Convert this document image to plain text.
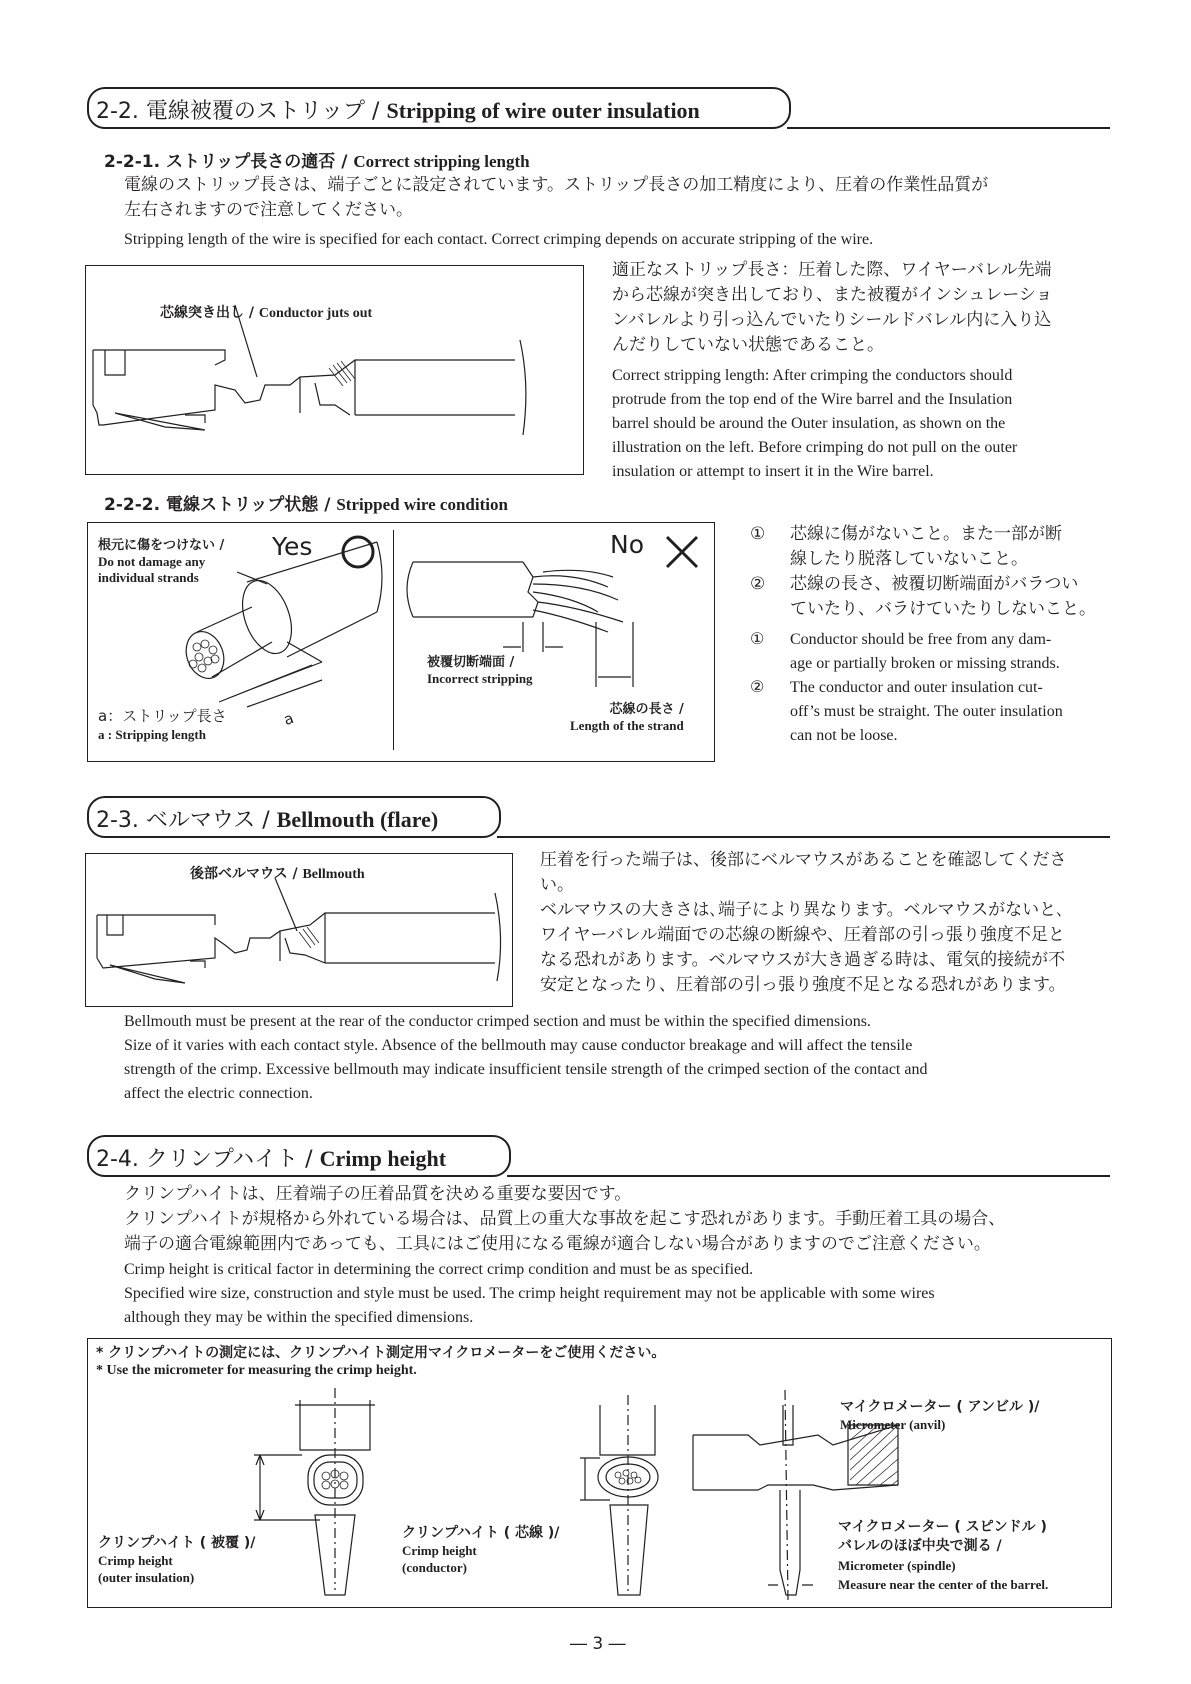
2-2. 電線被覆のストリップ / Stripping of wire outer insulation
2-2-1. ストリップ長さの適否 / Correct stripping length
電線のストリップ長さは、端子ごとに設定されています。ストリップ長さの加工精度により、圧着の作業性品質が
左右されますので注意してください。
Stripping length of the wire is specified for each contact. Correct crimping depends on accurate stripping of the wire.
芯線突き出し / Conductor juts out
適正なストリップ長さ：圧着した際、ワイヤーバレル先端
から芯線が突き出しており、また被覆がインシュレーショ
ンバレルより引っ込んでいたりシールドバレル内に入り込
んだりしていない状態であること。
Correct stripping length: After crimping the conductors should
protrude from the top end of the Wire barrel and the Insulation
barrel should be around the Outer insulation, as shown on the
illustration on the left. Before crimping do not pull on the outer
insulation or attempt to insert it in the Wire barrel.
2-2-2. 電線ストリップ状態 / Stripped wire condition
Yes	No
根元に傷をつけない /
Do not damage any
individual strands
a：ストリップ長さ
a : Stripping length
a
被覆切断端面 /
Incorrect stripping
芯線の長さ /
Length of the strand
① 芯線に傷がないこと。また一部が断
線したり脱落していないこと。
② 芯線の長さ、被覆切断端面がバラつい
ていたり、バラけていたりしないこと。
① Conductor should be free from any dam-
age or partially broken or missing strands.
② The conductor and outer insulation cut-
off’s must be straight. The outer insulation
can not be loose.
2-3. ベルマウス / Bellmouth (flare)
後部ベルマウス / Bellmouth
圧着を行った端子は、後部にベルマウスがあることを確認してくださ
い。
ベルマウスの大きさは､端子により異なります。ベルマウスがないと､
ワイヤーバレル端面での芯線の断線や、圧着部の引っ張り強度不足と
なる恐れがあります。ベルマウスが大き過ぎる時は、電気的接続が不
安定となったり、圧着部の引っ張り強度不足となる恐れがあります。
Bellmouth must be present at the rear of the conductor crimped section and must be within the specified dimensions.
Size of it varies with each contact style. Absence of the bellmouth may cause conductor breakage and will affect the tensile
strength of the crimp. Excessive bellmouth may indicate insufficient tensile strength of the crimped section of the contact and
affect the electric connection.
2-4. クリンプハイト / Crimp height
クリンプハイトは、圧着端子の圧着品質を決める重要な要因です。
クリンプハイトが規格から外れている場合は、品質上の重大な事故を起こす恐れがあります。手動圧着工具の場合、
端子の適合電線範囲内であっても、工具にはご使用になる電線が適合しない場合がありますのでご注意ください。
Crimp height is critical factor in determining the correct crimp condition and must be as specified.
Specified wire size, construction and style must be used. The crimp height requirement may not be applicable with some wires
although they may be within the specified dimensions.
* クリンプハイトの測定には、クリンプハイト測定用マイクロメーターをご使用ください。
* Use the micrometer for measuring the crimp height.
クリンプハイト ( 被覆 )/
Crimp height
(outer insulation)
クリンプハイト ( 芯線 )/
Crimp height
(conductor)
マイクロメーター ( アンビル )/
Micrometer (anvil)
マイクロメーター ( スピンドル )
バレルのほぼ中央で測る /
Micrometer (spindle)
Measure near the center of the barrel.
― 3 ―
